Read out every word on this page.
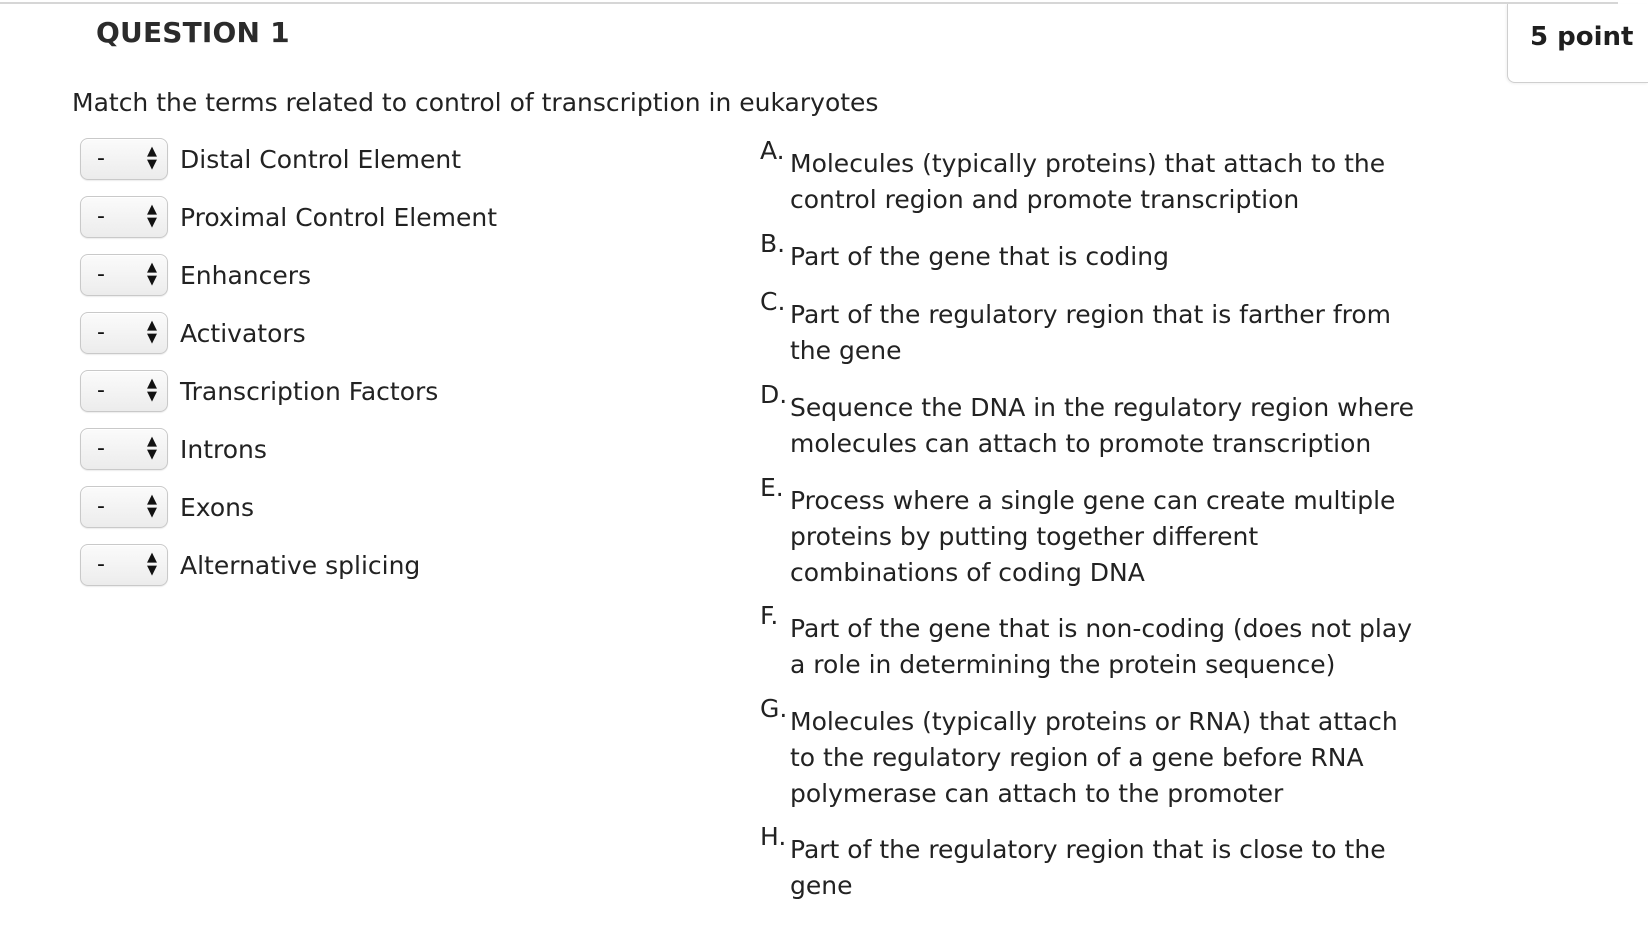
QUESTION 1	5 point
Match the terms related to control of transcription in eukaryotes
-	▲
▼ Distal Control Element
-	▲
▼ Proximal Control Element
-	▲
▼ Enhancers
-	▲
▼ Activators
-	▲
▼ Transcription Factors
-	▲
▼ Introns
-	▲
▼ Exons
-	▲
▼ Alternative splicing
A. Molecules (typically proteins) that attach to the control region and promote transcription
B. Part of the gene that is coding
C. Part of the regulatory region that is farther from the gene
D. Sequence the DNA in the regulatory region where molecules can attach to promote transcription
E. Process where a single gene can create multiple proteins by putting together different combinations of coding DNA
F. Part of the gene that is non-coding (does not play a role in determining the protein sequence)
G. Molecules (typically proteins or RNA) that attach to the regulatory region of a gene before RNA polymerase can attach to the promoter
H. Part of the regulatory region that is close to the gene
